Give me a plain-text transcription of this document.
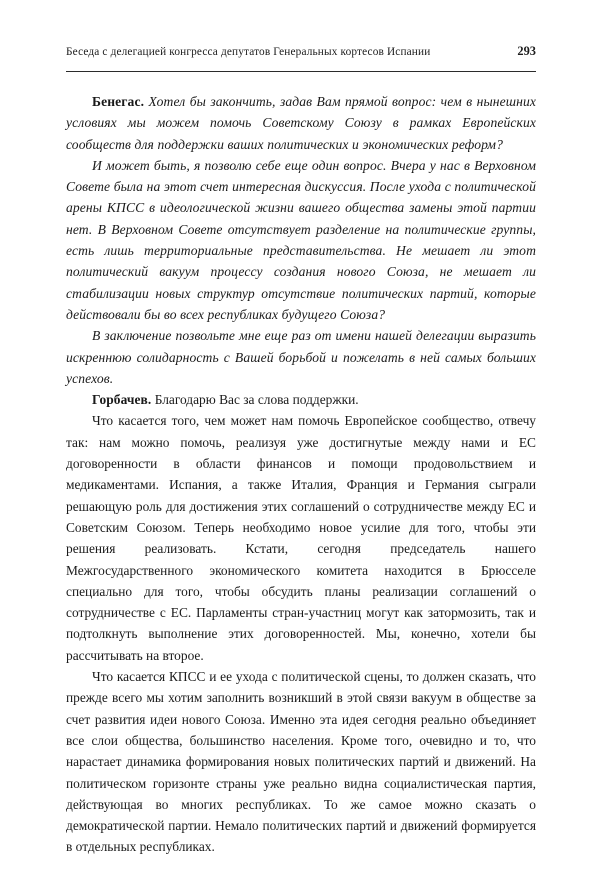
Беседа с делегацией конгресса депутатов Генеральных кортесов Испании	293

Бенегас. Хотел бы закончить, задав Вам прямой вопрос: чем в нынешних условиях мы можем помочь Советскому Союзу в рамках Европейских сообществ для поддержки ваших политических и экономических реформ?

И может быть, я позволю себе еще один вопрос. Вчера у нас в Верховном Совете была на этот счет интересная дискуссия. После ухода с политической арены КПСС в идеологической жизни вашего общества замены этой партии нет. В Верховном Совете отсутствует разделение на политические группы, есть лишь территориальные представительства. Не мешает ли этот политический вакуум процессу создания нового Союза, не мешает ли стабилизации новых структур отсутствие политических партий, которые действовали бы во всех республиках будущего Союза?

В заключение позвольте мне еще раз от имени нашей делегации выразить искреннюю солидарность с Вашей борьбой и пожелать в ней самых больших успехов.

Горбачев. Благодарю Вас за слова поддержки.

Что касается того, чем может нам помочь Европейское сообщество, отвечу так: нам можно помочь, реализуя уже достигнутые между нами и ЕС договоренности в области финансов и помощи продовольствием и медикаментами. Испания, а также Италия, Франция и Германия сыграли решающую роль для достижения этих соглашений о сотрудничестве между ЕС и Советским Союзом. Теперь необходимо новое усилие для того, чтобы эти решения реализовать. Кстати, сегодня председатель нашего Межгосударственного экономического комитета находится в Брюсселе специально для того, чтобы обсудить планы реализации соглашений о сотрудничестве с ЕС. Парламенты стран-участниц могут как затормозить, так и подтолкнуть выполнение этих договоренностей. Мы, конечно, хотели бы рассчитывать на второе.

Что касается КПСС и ее ухода с политической сцены, то должен сказать, что прежде всего мы хотим заполнить возникший в этой связи вакуум в обществе за счет развития идеи нового Союза. Именно эта идея сегодня реально объединяет все слои общества, большинство населения. Кроме того, очевидно и то, что нарастает динамика формирования новых политических партий и движений. На политическом горизонте страны уже реально видна социалистическая партия, действующая во многих республиках. То же самое можно сказать о демократической партии. Немало политических партий и движений формируется в отдельных республиках.
